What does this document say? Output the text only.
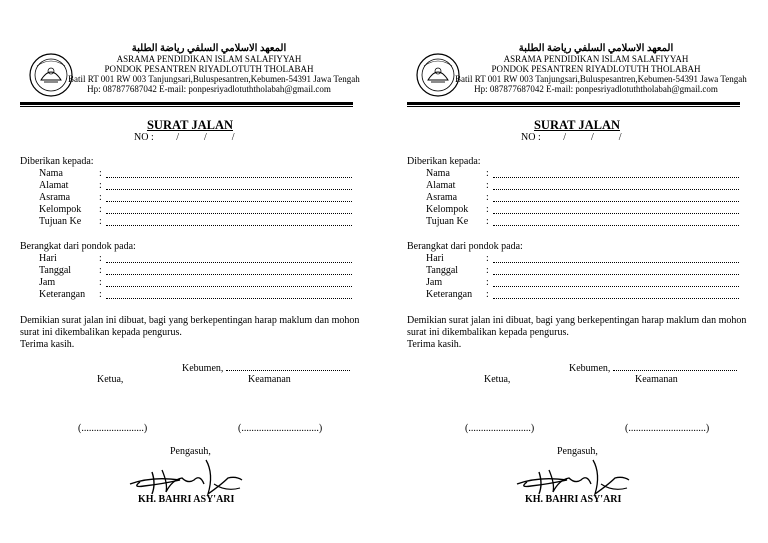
المعهد الاسلامي السلفي رياضة الطلبة
ASRAMA PENDIDIKAN ISLAM SALAFIYYAH
PONDOK PESANTREN RIYADLOTUTH THOLABAH
Batil RT 001 RW 003 Tanjungsari,Buluspesantren,Kebumen-54391 Jawa Tengah
Hp: 087877687042 E-mail: ponpesriyadlotuththolabah@gmail.com
SURAT JALAN
NO :         /          /          /
Diberikan kepada:
Nama	:
Alamat	:
Asrama	:
Kelompok :
Tujuan Ke :
Berangkat dari pondok pada:
Hari	:
Tanggal	:
Jam	:
Keterangan :
Demikian surat jalan ini dibuat, bagi yang berkepentingan harap maklum dan mohon surat ini dikembalikan kepada pengurus.
Terima kasih.
Kebumen,
Ketua,	Keamanan
(.........................)	(...............................)
Pengasuh,
KH. BAHRI ASY'ARI
المعهد الاسلامي السلفي رياضة الطلبة
ASRAMA PENDIDIKAN ISLAM SALAFIYYAH
PONDOK PESANTREN RIYADLOTUTH THOLABAH
Batil RT 001 RW 003 Tanjungsari,Buluspesantren,Kebumen-54391 Jawa Tengah
Hp: 087877687042 E-mail: ponpesriyadlotuththolabah@gmail.com
SURAT JALAN
NO :         /          /          /
Diberikan kepada:
Nama	:
Alamat	:
Asrama	:
Kelompok :
Tujuan Ke :
Berangkat dari pondok pada:
Hari	:
Tanggal	:
Jam	:
Keterangan :
Demikian surat jalan ini dibuat, bagi yang berkepentingan harap maklum dan mohon surat ini dikembalikan kepada pengurus.
Terima kasih.
Kebumen,
Ketua,	Keamanan
(.........................)	(...............................)
Pengasuh,
KH. BAHRI ASY'ARI
